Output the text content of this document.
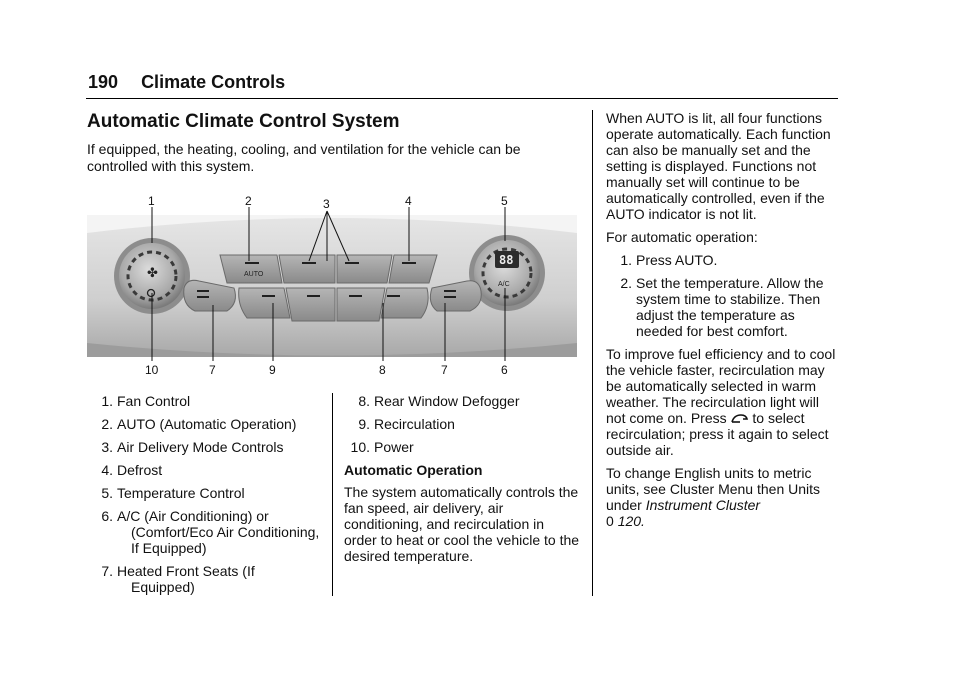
190 Climate Controls
Automatic Climate Control System
If equipped, the heating, cooling, and ventilation for the vehicle can be controlled with this system.
✤
88
A/C
AUTO
1	2	3	4	5
10	7	9	8	7	6
1. Fan Control
2. AUTO (Automatic Operation)
3. Air Delivery Mode Controls
4. Defrost
5. Temperature Control
6. A/C (Air Conditioning) or
(Comfort/Eco Air Conditioning,
If Equipped)
7. Heated Front Seats (If
Equipped)
8. Rear Window Defogger
9. Recirculation
10. Power
Automatic Operation

The system automatically controls the fan speed, air delivery, air conditioning, and recirculation in order to heat or cool the vehicle to the desired temperature.

When AUTO is lit, all four functions operate automatically. Each function can also be manually set and the setting is displayed. Functions not manually set will continue to be automatically controlled, even if the AUTO indicator is not lit.

For automatic operation:

1. Press AUTO.
2. Set the temperature. Allow the system time to stabilize. Then adjust the temperature as needed for best comfort.

To improve fuel efficiency and to cool the vehicle faster, recirculation may be automatically selected in warm weather. The recirculation light will not come on. Press to select recirculation; press it again to select outside air.

To change English units to metric units, see Cluster Menu then Units under Instrument Cluster
0 120.
